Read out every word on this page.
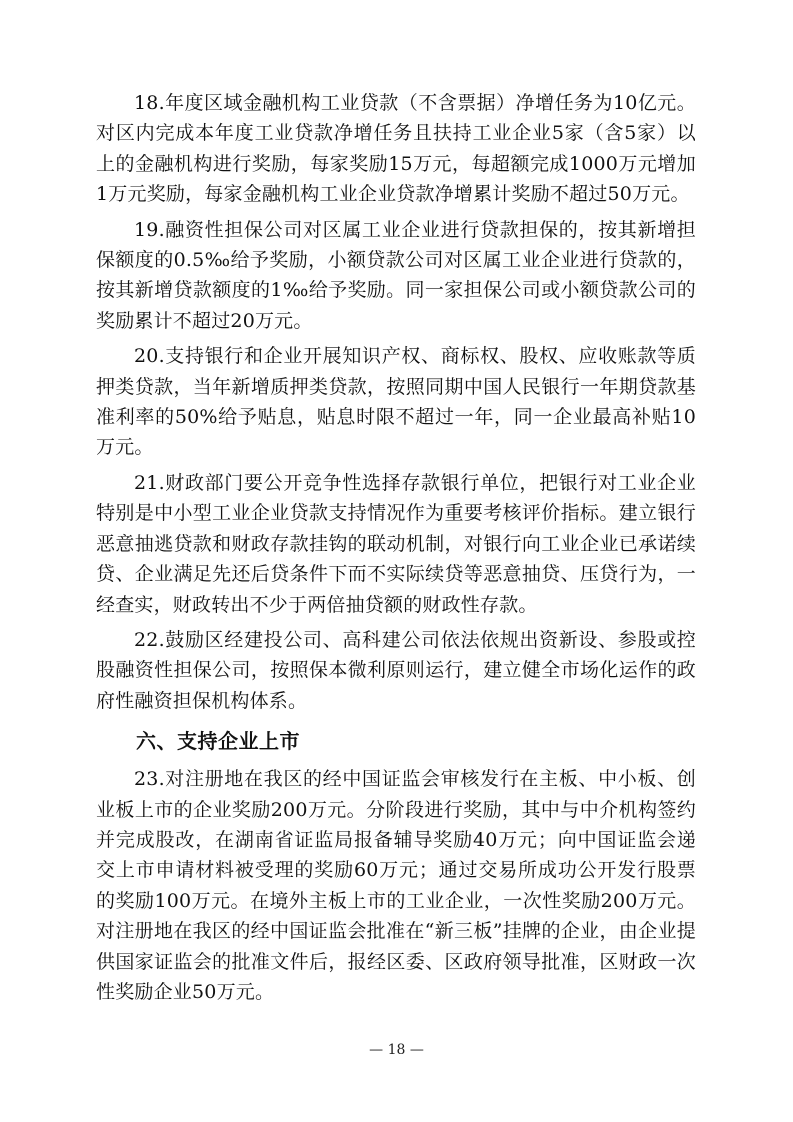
18.年度区域金融机构工业贷款（不含票据）净增任务为10亿元。对区内完成本年度工业贷款净增任务且扶持工业企业5家（含5家）以上的金融机构进行奖励，每家奖励15万元，每超额完成1000万元增加1万元奖励，每家金融机构工业企业贷款净增累计奖励不超过50万元。

19.融资性担保公司对区属工业企业进行贷款担保的，按其新增担保额度的0.5‰给予奖励，小额贷款公司对区属工业企业进行贷款的，按其新增贷款额度的1‰给予奖励。同一家担保公司或小额贷款公司的奖励累计不超过20万元。

20.支持银行和企业开展知识产权、商标权、股权、应收账款等质押类贷款，当年新增质押类贷款，按照同期中国人民银行一年期贷款基准利率的50%给予贴息，贴息时限不超过一年，同一企业最高补贴10万元。

21.财政部门要公开竞争性选择存款银行单位，把银行对工业企业特别是中小型工业企业贷款支持情况作为重要考核评价指标。建立银行恶意抽逃贷款和财政存款挂钩的联动机制，对银行向工业企业已承诺续贷、企业满足先还后贷条件下而不实际续贷等恶意抽贷、压贷行为，一经查实，财政转出不少于两倍抽贷额的财政性存款。

22.鼓励区经建投公司、高科建公司依法依规出资新设、参股或控股融资性担保公司，按照保本微利原则运行，建立健全市场化运作的政府性融资担保机构体系。

六、支持企业上市

23.对注册地在我区的经中国证监会审核发行在主板、中小板、创业板上市的企业奖励200万元。分阶段进行奖励，其中与中介机构签约并完成股改，在湖南省证监局报备辅导奖励40万元；向中国证监会递交上市申请材料被受理的奖励60万元；通过交易所成功公开发行股票的奖励100万元。在境外主板上市的工业企业，一次性奖励200万元。对注册地在我区的经中国证监会批准在“新三板”挂牌的企业，由企业提供国家证监会的批准文件后，报经区委、区政府领导批准，区财政一次性奖励企业50万元。

— 18 —
